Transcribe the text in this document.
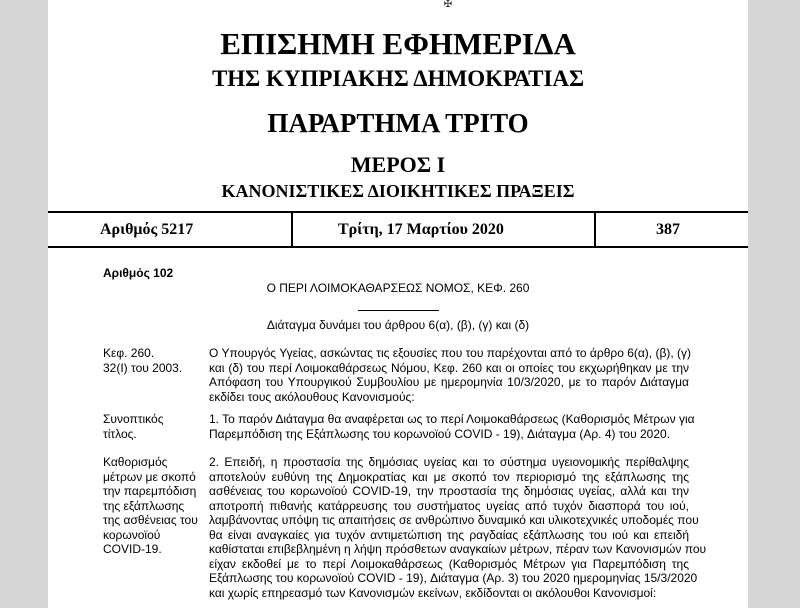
✠
ΕΠΙΣΗΜΗ ΕΦΗΜΕΡΙΔΑ
ΤΗΣ ΚΥΠΡΙΑΚΗΣ ΔΗΜΟΚΡΑΤΙΑΣ
ΠΑΡΑΡΤΗΜΑ ΤΡΙΤΟ
ΜΕΡΟΣ Ι
ΚΑΝΟΝΙΣΤΙΚΕΣ ΔΙΟΙΚΗΤΙΚΕΣ ΠΡΑΞΕΙΣ
Αριθμός 5217	Τρίτη, 17 Μαρτίου 2020	387
Αριθμός 102
Ο ΠΕΡΙ ΛΟΙΜΟΚΑΘΑΡΣΕΩΣ ΝΟΜΟΣ, ΚΕΦ. 260
Διάταγμα δυνάμει του άρθρου 6(α), (β), (γ) και (δ)
Κεφ. 260.
32(Ι) του 2003.
Ο Υπουργός Υγείας, ασκώντας τις εξουσίες που του παρέχονται από το άρθρο 6(α), (β), (γ)
και (δ) του περί Λοιμοκαθάρσεως Νόμου, Κεφ. 260 και οι οποίες του εκχωρήθηκαν με την
Απόφαση του Υπουργικού Συμβουλίου με ημερομηνία 10/3/2020, με το παρόν Διάταγμα
εκδίδει τους ακόλουθους Κανονισμούς:
Συνοπτικός
τίτλος.
1. Το παρόν Διάταγμα θα αναφέρεται ως το περί Λοιμοκαθάρσεως (Καθορισμός Μέτρων για
Παρεμπόδιση της Εξάπλωσης του κορωνοϊού COVID - 19), Διάταγμα (Αρ. 4) του 2020.
Καθορισμός
μέτρων με σκοπό
την παρεμπόδιση
της εξάπλωσης
της ασθένειας του
κορωνοϊού
COVID-19.
2. Επειδή, η προστασία της δημόσιας υγείας και το σύστημα υγειονομικής περίθαλψης
αποτελούν ευθύνη της Δημοκρατίας και με σκοπό τον περιορισμό της εξάπλωσης της
ασθένειας του κορωνοϊού COVID-19, την προστασία της δημόσιας υγείας, αλλά και την
αποτροπή πιθανής κατάρρευσης του συστήματος υγείας από τυχόν διασπορά του ιού,
λαμβάνοντας υπόψη τις απαιτήσεις σε ανθρώπινο δυναμικό και υλικοτεχνικές υποδομές που
θα είναι αναγκαίες για τυχόν αντιμετώπιση της ραγδαίας εξάπλωσης του ιού και επειδή
καθίσταται επιβεβλημένη η λήψη πρόσθετων αναγκαίων μέτρων, πέραν των Κανονισμών που
είχαν εκδοθεί με το περί Λοιμοκαθάρσεως (Καθορισμός Μέτρων για Παρεμπόδιση της
Εξάπλωσης του κορωνοϊού COVID - 19), Διάταγμα (Αρ. 3) του 2020 ημερομηνίας 15/3/2020
και χωρίς επηρεασμό των Κανονισμών εκείνων, εκδίδονται οι ακόλουθοι Κανονισμοί:
